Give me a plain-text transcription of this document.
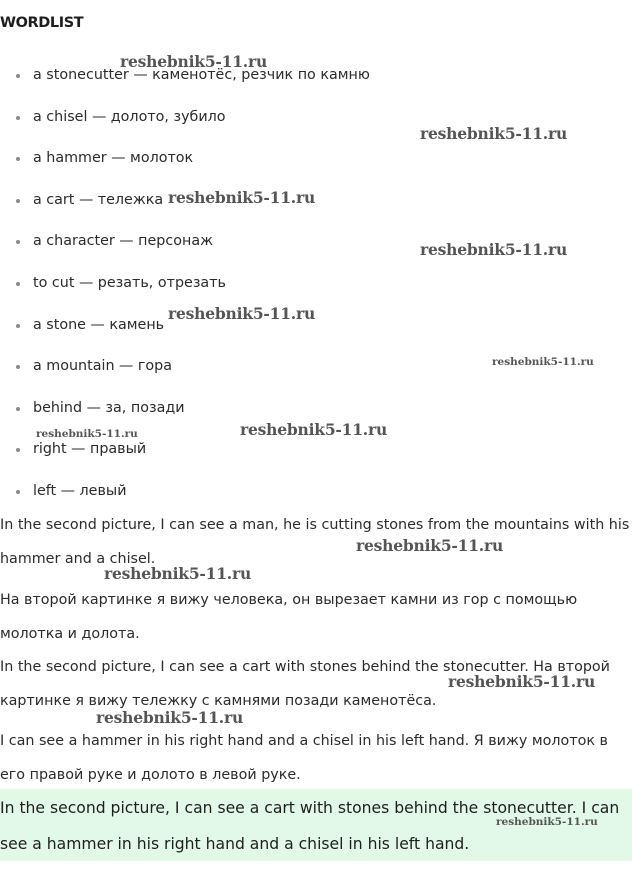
WORDLIST
a stonecutter — каменотёс, резчик по камню
a chisel — долото, зубило
a hammer — молоток
a cart — тележка
a character — персонаж
to cut — резать, отрезать
a stone — камень
a mountain — гора
behind — за, позади
right — правый
left — левый

In the second picture, I can see a man, he is cutting stones from the mountains with his hammer and a chisel.

На второй картинке я вижу человека, он вырезает камни из гор с помощью молотка и долота.

In the second picture, I can see a cart with stones behind the stonecutter. На второй картинке я вижу тележку с камнями позади каменотёса.

I can see a hammer in his right hand and a chisel in his left hand. Я вижу молоток в его правой руке и долото в левой руке.

In the second picture, I can see a cart with stones behind the stonecutter. I can see a hammer in his right hand and a chisel in his left hand.

reshebnik5-11.ru
reshebnik5-11.ru
reshebnik5-11.ru
reshebnik5-11.ru
reshebnik5-11.ru
reshebnik5-11.ru
reshebnik5-11.ru	reshebnik5-11.ru
reshebnik5-11.ru
reshebnik5-11.ru
reshebnik5-11.ru
reshebnik5-11.ru
reshebnik5-11.ru
